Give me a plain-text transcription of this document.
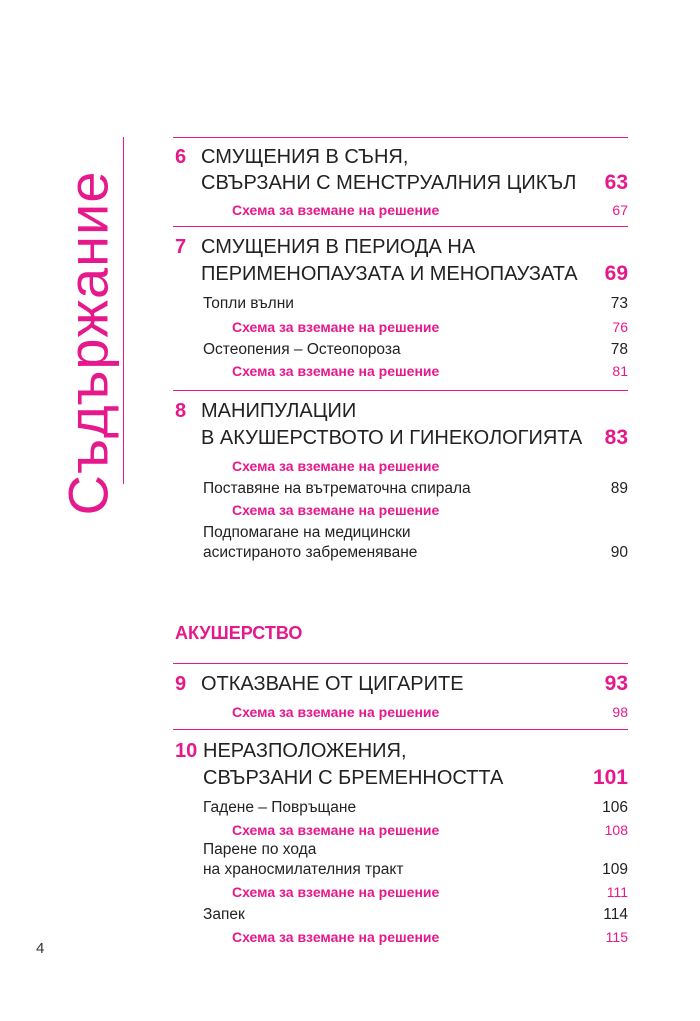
Съдържание
6 СМУЩЕНИЯ В СЪНЯ,
СВЪРЗАНИ С МЕНСТРУАЛНИЯ ЦИКЪЛ 63
Схема за вземане на решение	67
7 СМУЩЕНИЯ В ПЕРИОДА НА
ПЕРИМЕНОПАУЗАТА И МЕНОПАУЗАТА 69
Топли вълни	73
Схема за вземане на решение	76
Остеопения – Остеопороза	78
Схема за вземане на решение	81
8 МАНИПУЛАЦИИ
В АКУШЕРСТВОТО И ГИНЕКОЛОГИЯТА 83
Схема за вземане на решение
Поставяне на вътрематочна спирала	89
Схема за вземане на решение
Подпомагане на медицински
асистираното забременяване	90
АКУШЕРСТВО
9 ОТКАЗВАНЕ ОТ ЦИГАРИТЕ	93
Схема за вземане на решение	98
10 НЕРАЗПОЛОЖЕНИЯ,
СВЪРЗАНИ С БРЕМЕННОСТТА	101
Гадене – Повръщане	106
Схема за вземане на решение	108
Парене по хода
на храносмилателния тракт	109
Схема за вземане на решение	111
Запек	114
Схема за вземане на решение	115
4
